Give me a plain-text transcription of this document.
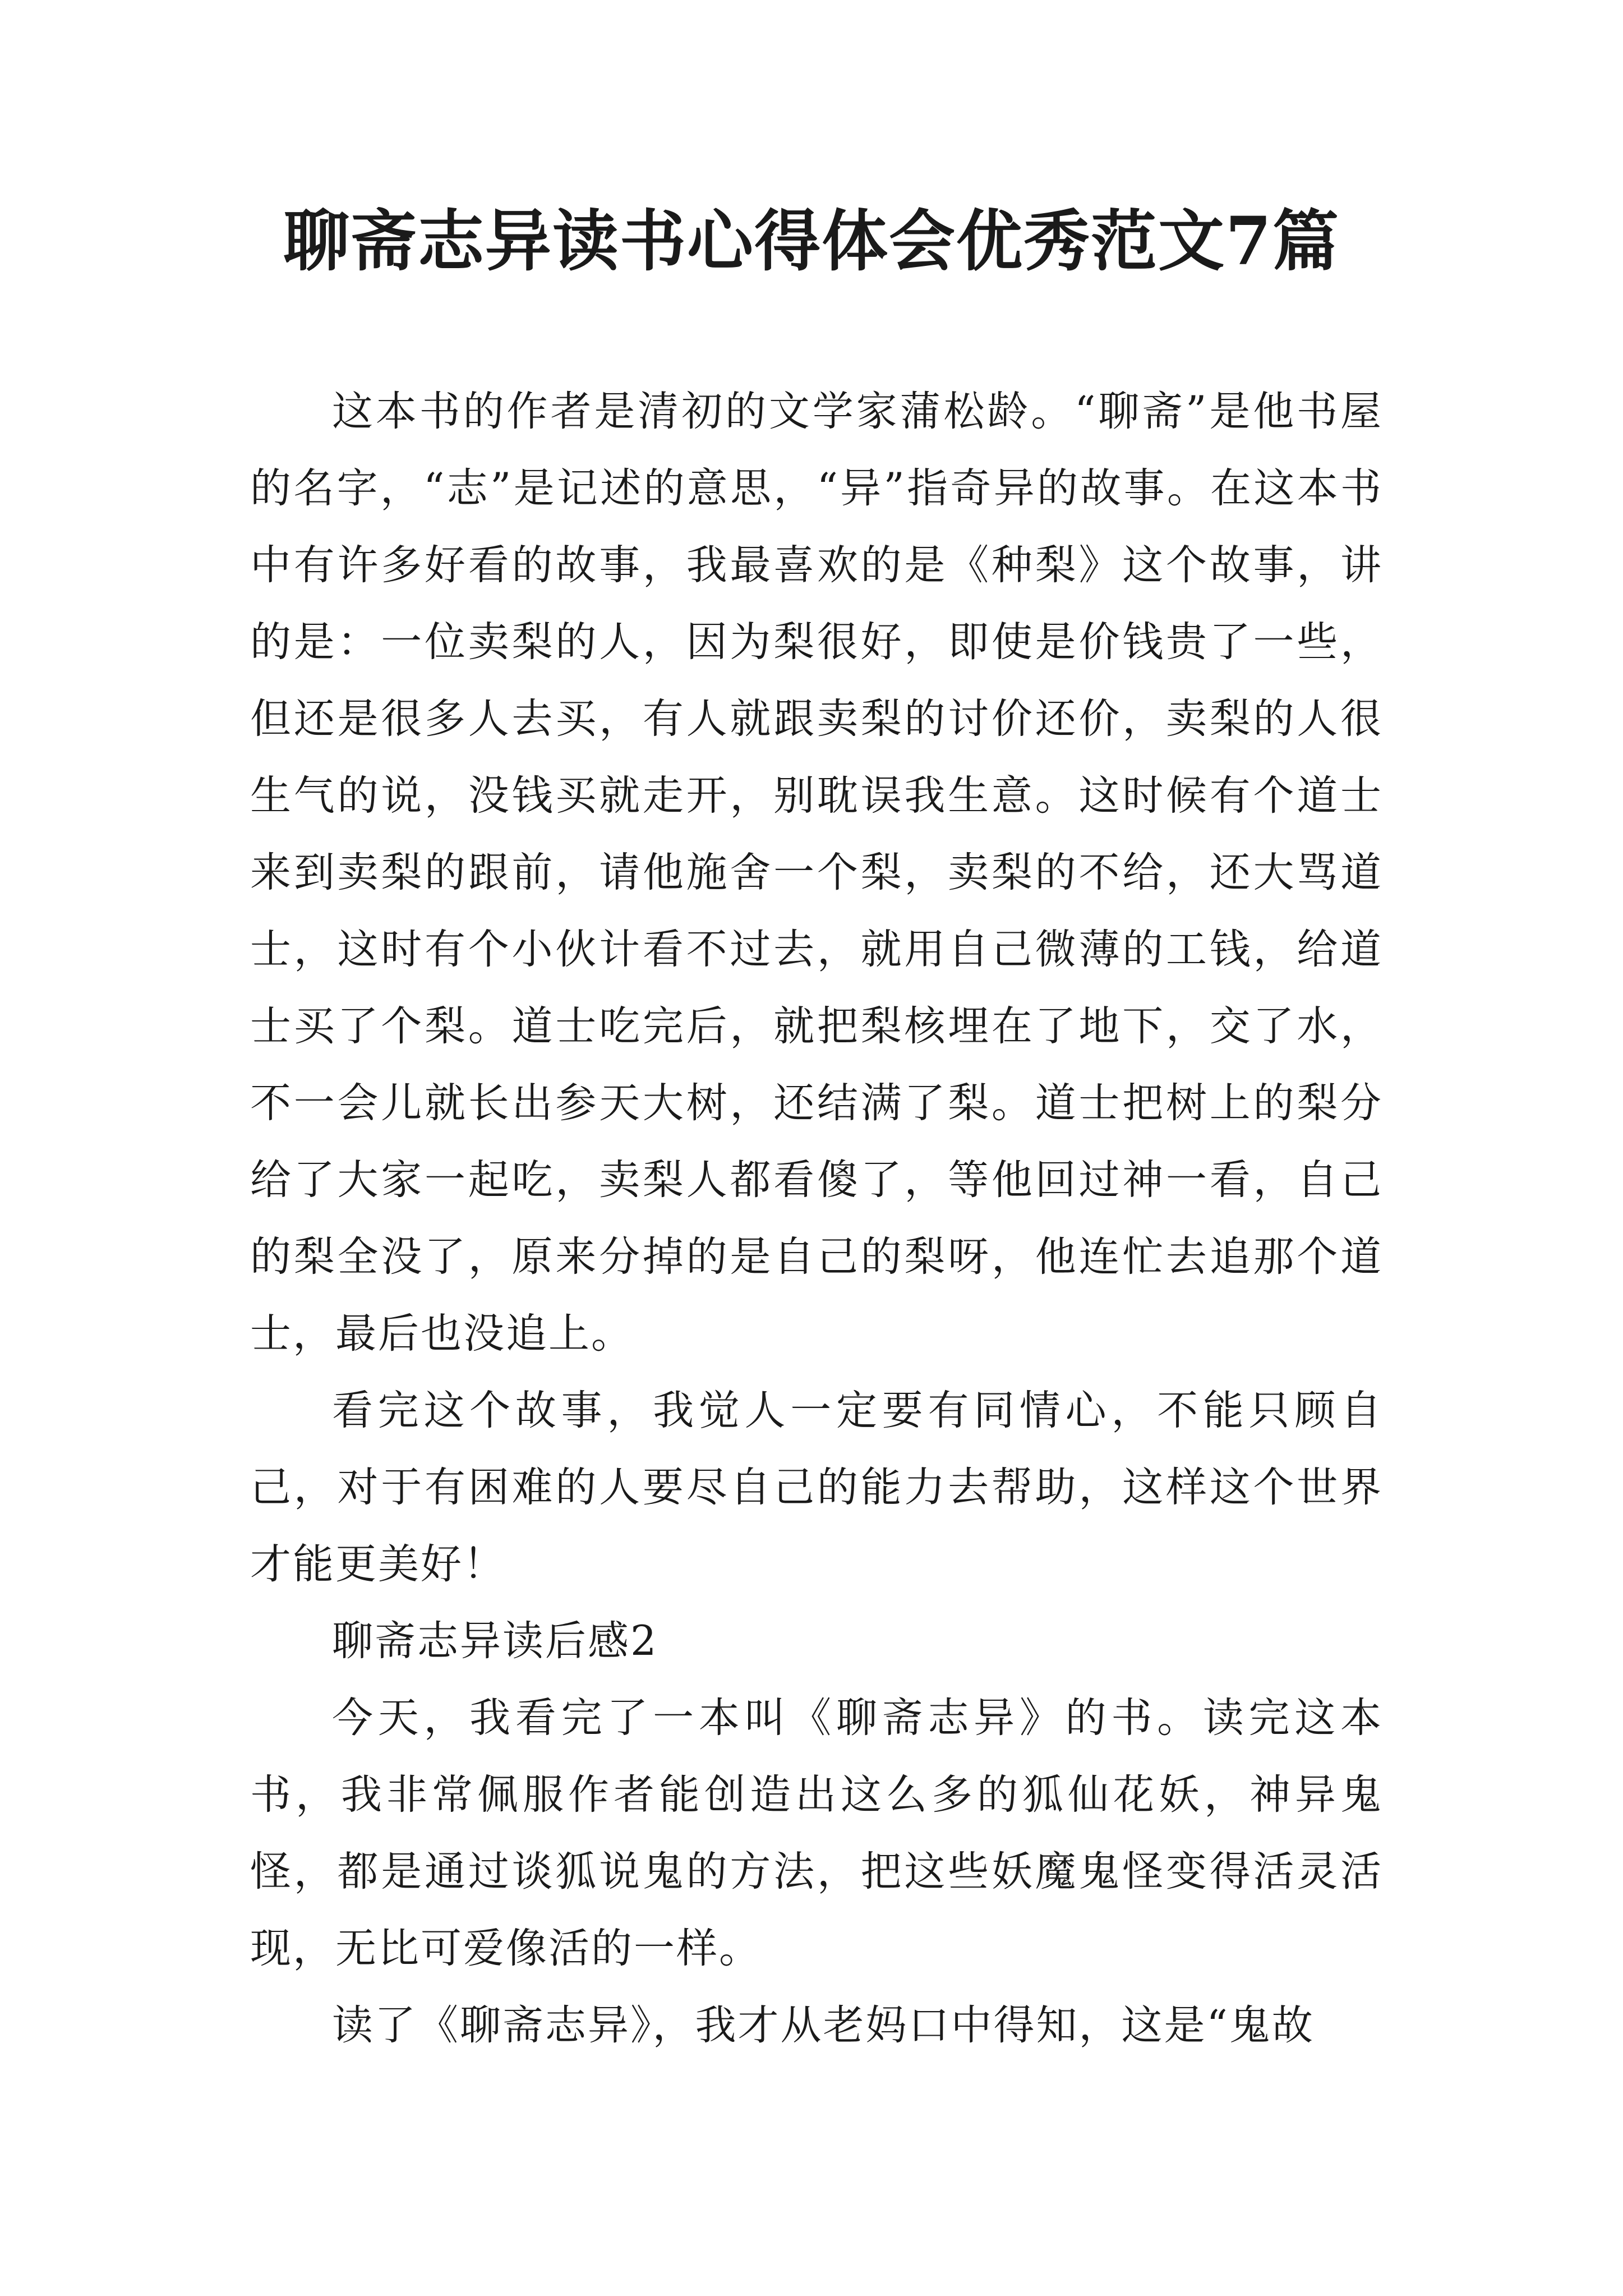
聊斋志异读书心得体会优秀范文7篇

这本书的作者是清初的文学家蒲松龄。“聊斋”是他书屋的名字，“志”是记述的意思，“异”指奇异的故事。在这本书中有许多好看的故事，我最喜欢的是《种梨》这个故事，讲的是：一位卖梨的人，因为梨很好，即使是价钱贵了一些，但还是很多人去买，有人就跟卖梨的讨价还价，卖梨的人很生气的说，没钱买就走开，别耽误我生意。这时候有个道士来到卖梨的跟前，请他施舍一个梨，卖梨的不给，还大骂道士，这时有个小伙计看不过去，就用自己微薄的工钱，给道士买了个梨。道士吃完后，就把梨核埋在了地下，交了水，不一会儿就长出参天大树，还结满了梨。道士把树上的梨分给了大家一起吃，卖梨人都看傻了，等他回过神一看，自己的梨全没了，原来分掉的是自己的梨呀，他连忙去追那个道士，最后也没追上。

看完这个故事，我觉人一定要有同情心，不能只顾自己，对于有困难的人要尽自己的能力去帮助，这样这个世界才能更美好！

聊斋志异读后感2

今天，我看完了一本叫《聊斋志异》的书。读完这本书，我非常佩服作者能创造出这么多的狐仙花妖，神异鬼怪，都是通过谈狐说鬼的方法，把这些妖魔鬼怪变得活灵活现，无比可爱像活的一样。

读了《聊斋志异》，我才从老妈口中得知，这是“鬼故
